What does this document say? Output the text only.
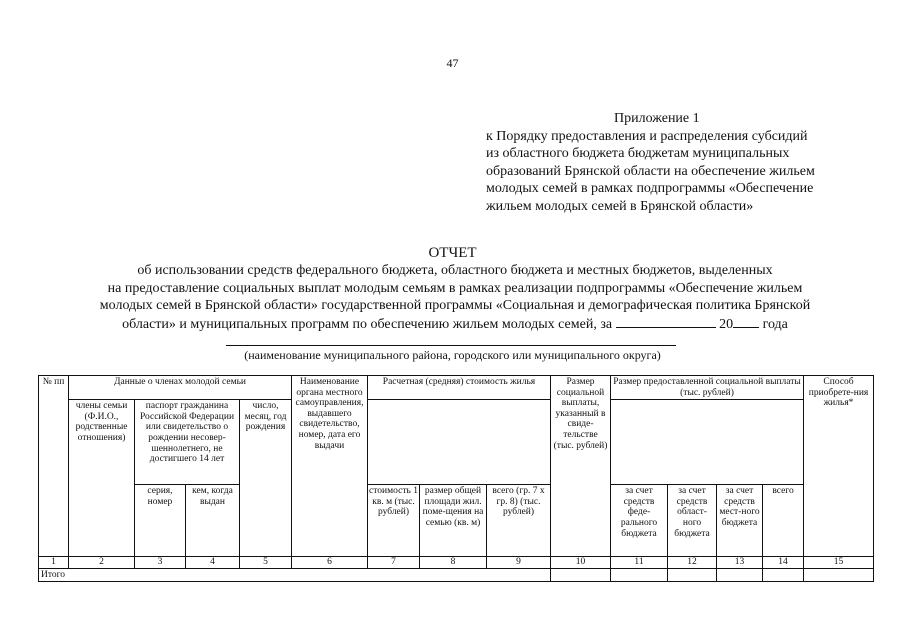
47
Приложение 1
к Порядку предоставления и распределения субсидий
из областного бюджета бюджетам муниципальных
образований Брянской области на обеспечение жильем
молодых семей в рамках подпрограммы «Обеспечение
жильем молодых семей в Брянской области»
ОТЧЕТ
об использовании средств федерального бюджета, областного бюджета и местных бюджетов, выделенных
на предоставление социальных выплат молодым семьям в рамках реализации подпрограммы «Обеспечение жильем
молодых семей в Брянской области» государственной программы «Социальная и демографическая политика Брянской
области» и муниципальных программ по обеспечению жильем молодых семей, за	20 года
(наименование муниципального района, городского или муниципального округа)
№ пп	Данные о членах молодой семьи				Наименование органа местного самоуправления, выдавшего свидетельство, номер, дата его выдачи	Расчетная (средняя) стоимость жилья			Размер социальной выплаты, указанный в свиде-тельстве (тыс. рублей)	Размер предоставленной социальной выплаты (тыс. рублей)				Способ приобрете-ния жилья*
	члены семьи (Ф.И.О., родственные отношения)	паспорт гражданина Российской Федерации или свидетельство о рождении несовер-шеннолетнего, не достигшего 14 лет		число, месяц, год рождения										
		серия, номер	кем, когда выдан			стоимость 1 кв. м (тыс. рублей)	размер общей площади жил. поме-щения на семью (кв. м)	всего (гр. 7 х гр. 8) (тыс. рублей)		за счет средств феде-рального бюджета	за счет средств област-ного бюджета	за счет средств мест-ного бюджета	всего	
1	2	3	4	5	6	7	8	9	10	11	12	13	14	15
Итого														
